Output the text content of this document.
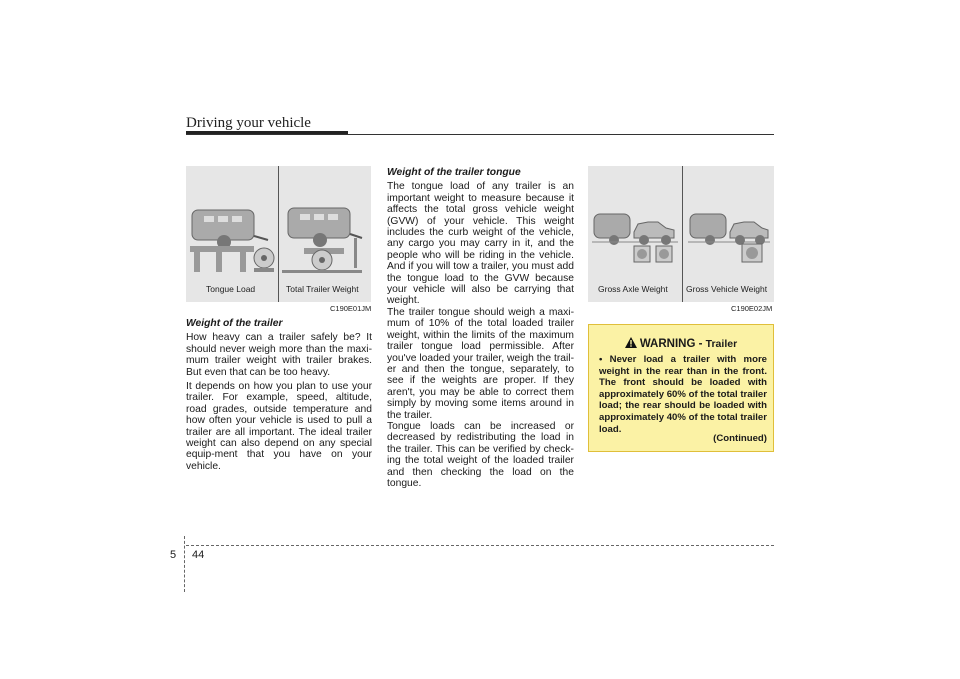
Driving your vehicle
Tongue Load	Total Trailer Weight
C190E01JM

Weight of the trailer

How heavy can a trailer safely be? It should never weigh more than the maxi-mum trailer weight with trailer brakes. But even that can be too heavy.

It depends on how you plan to use your trailer. For example, speed, altitude, road grades, outside temperature and how often your vehicle is used to pull a trailer are all important. The ideal trailer weight can also depend on any special equip-ment that you have on your vehicle.

Weight of the trailer tongue

The tongue load of any trailer is an important weight to measure because it affects the total gross vehicle weight (GVW) of your vehicle. This weight includes the curb weight of the vehicle, any cargo you may carry in it, and the people who will be riding in the vehicle. And if you will tow a trailer, you must add the tongue load to the GVW because your vehicle will also be carrying that weight.

The trailer tongue should weigh a maxi-mum of 10% of the total loaded trailer weight, within the limits of the maximum trailer tongue load permissible. After you've loaded your trailer, weigh the trail-er and then the tongue, separately, to see if the weights are proper. If they aren't, you may be able to correct them simply by moving some items around in the trailer.

Tongue loads can be increased or decreased by redistributing the load in the trailer. This can be verified by check-ing the total weight of the loaded trailer and then checking the load on the tongue.

Gross Axle Weight Gross Vehicle Weight
C190E02JM
WARNING - Trailer
• Never load a trailer with more weight in the rear than in the front. The front should be loaded with approximately 60% of the total trailer load; the rear should be loaded with approximately 40% of the total trailer load.
(Continued)
5 44
